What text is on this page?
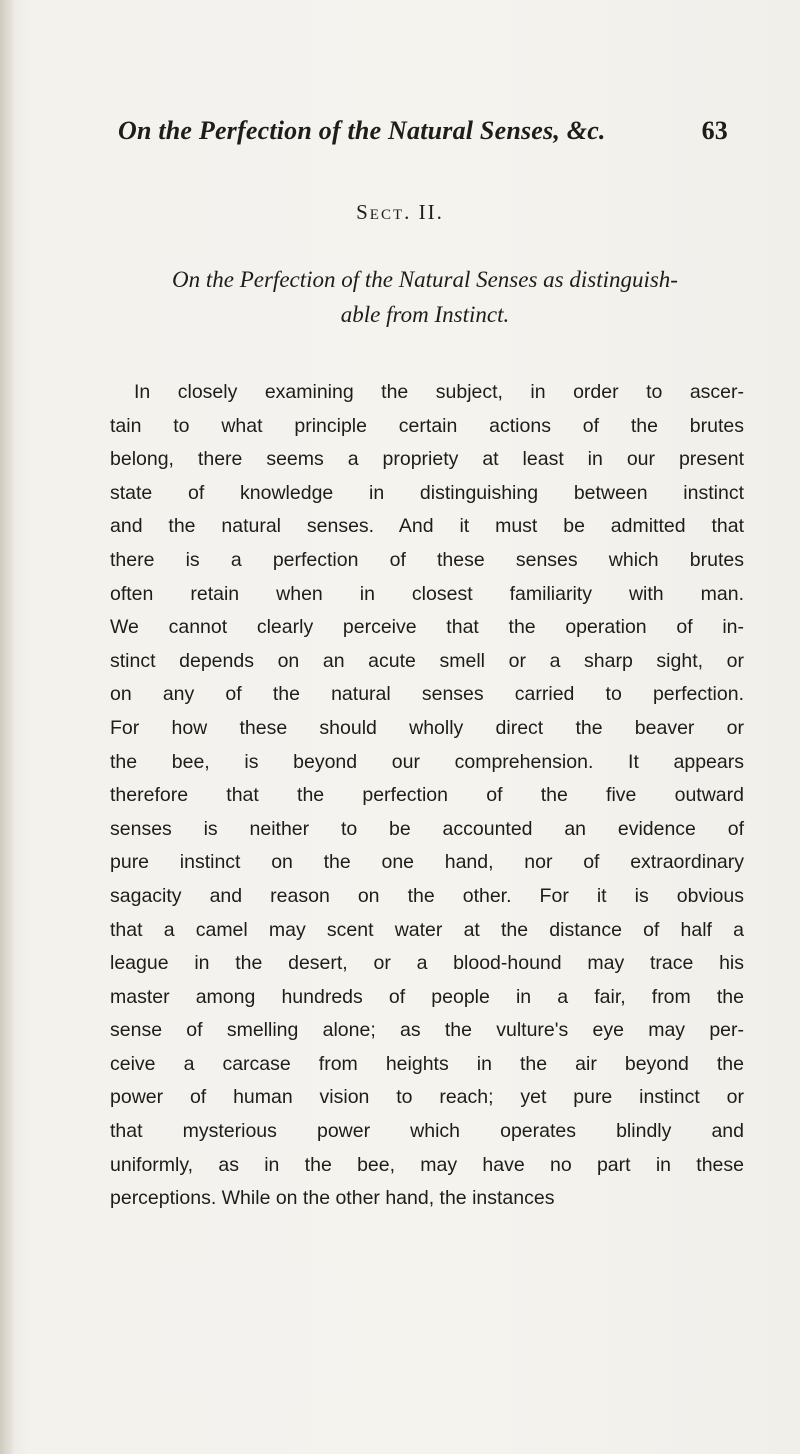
On the Perfection of the Natural Senses, &c.	63
Sect. II.
On the Perfection of the Natural Senses as distinguish-
able from Instinct.
In closely examining the subject, in order to ascer-
tain to what principle certain actions of the brutes
belong, there seems a propriety at least in our present
state of knowledge in distinguishing between instinct
and the natural senses. And it must be admitted that
there is a perfection of these senses which brutes
often retain when in closest familiarity with man.
We cannot clearly perceive that the operation of in-
stinct depends on an acute smell or a sharp sight, or
on any of the natural senses carried to perfection.
For how these should wholly direct the beaver or
the bee, is beyond our comprehension. It appears
therefore that the perfection of the five outward
senses is neither to be accounted an evidence of
pure instinct on the one hand, nor of extraordinary
sagacity and reason on the other. For it is obvious
that a camel may scent water at the distance of half a
league in the desert, or a blood-hound may trace his
master among hundreds of people in a fair, from the
sense of smelling alone; as the vulture's eye may per-
ceive a carcase from heights in the air beyond the
power of human vision to reach; yet pure instinct or
that mysterious power which operates blindly and
uniformly, as in the bee, may have no part in these
perceptions. While on the other hand, the instances
